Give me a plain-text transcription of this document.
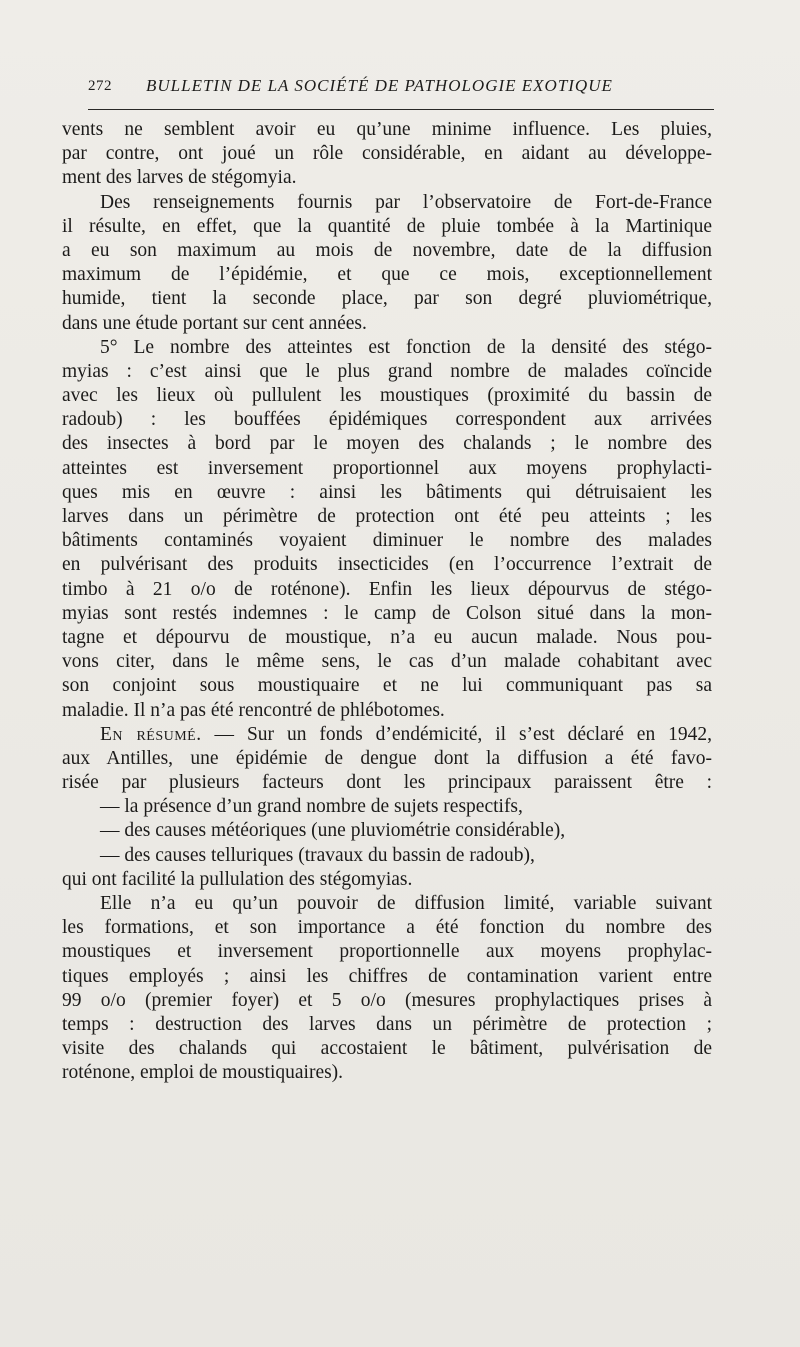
272 BULLETIN DE LA SOCIÉTÉ DE PATHOLOGIE EXOTIQUE
vents ne semblent avoir eu qu’une minime influence. Les pluies,
par contre, ont joué un rôle considérable, en aidant au développe-
ment des larves de stégomyia.
Des renseignements fournis par l’observatoire de Fort-de-France
il résulte, en effet, que la quantité de pluie tombée à la Martinique
a eu son maximum au mois de novembre, date de la diffusion
maximum de l’épidémie, et que ce mois, exceptionnellement
humide, tient la seconde place, par son degré pluviométrique,
dans une étude portant sur cent années.
5° Le nombre des atteintes est fonction de la densité des stégo-
myias : c’est ainsi que le plus grand nombre de malades coïncide
avec les lieux où pullulent les moustiques (proximité du bassin de
radoub) : les bouffées épidémiques correspondent aux arrivées
des insectes à bord par le moyen des chalands ; le nombre des
atteintes est inversement proportionnel aux moyens prophylacti-
ques mis en œuvre : ainsi les bâtiments qui détruisaient les
larves dans un périmètre de protection ont été peu atteints ; les
bâtiments contaminés voyaient diminuer le nombre des malades
en pulvérisant des produits insecticides (en l’occurrence l’extrait de
timbo à 21 o/o de roténone). Enfin les lieux dépourvus de stégo-
myias sont restés indemnes : le camp de Colson situé dans la mon-
tagne et dépourvu de moustique, n’a eu aucun malade. Nous pou-
vons citer, dans le même sens, le cas d’un malade cohabitant avec
son conjoint sous moustiquaire et ne lui communiquant pas sa
maladie. Il n’a pas été rencontré de phlébotomes.
En résumé. — Sur un fonds d’endémicité, il s’est déclaré en 1942,
aux Antilles, une épidémie de dengue dont la diffusion a été favo-
risée par plusieurs facteurs dont les principaux paraissent être :
— la présence d’un grand nombre de sujets respectifs,
— des causes météoriques (une pluviométrie considérable),
— des causes telluriques (travaux du bassin de radoub),
qui ont facilité la pullulation des stégomyias.
Elle n’a eu qu’un pouvoir de diffusion limité, variable suivant
les formations, et son importance a été fonction du nombre des
moustiques et inversement proportionnelle aux moyens prophylac-
tiques employés ; ainsi les chiffres de contamination varient entre
99 o/o (premier foyer) et 5 o/o (mesures prophylactiques prises à
temps : destruction des larves dans un périmètre de protection ;
visite des chalands qui accostaient le bâtiment, pulvérisation de
roténone, emploi de moustiquaires).
